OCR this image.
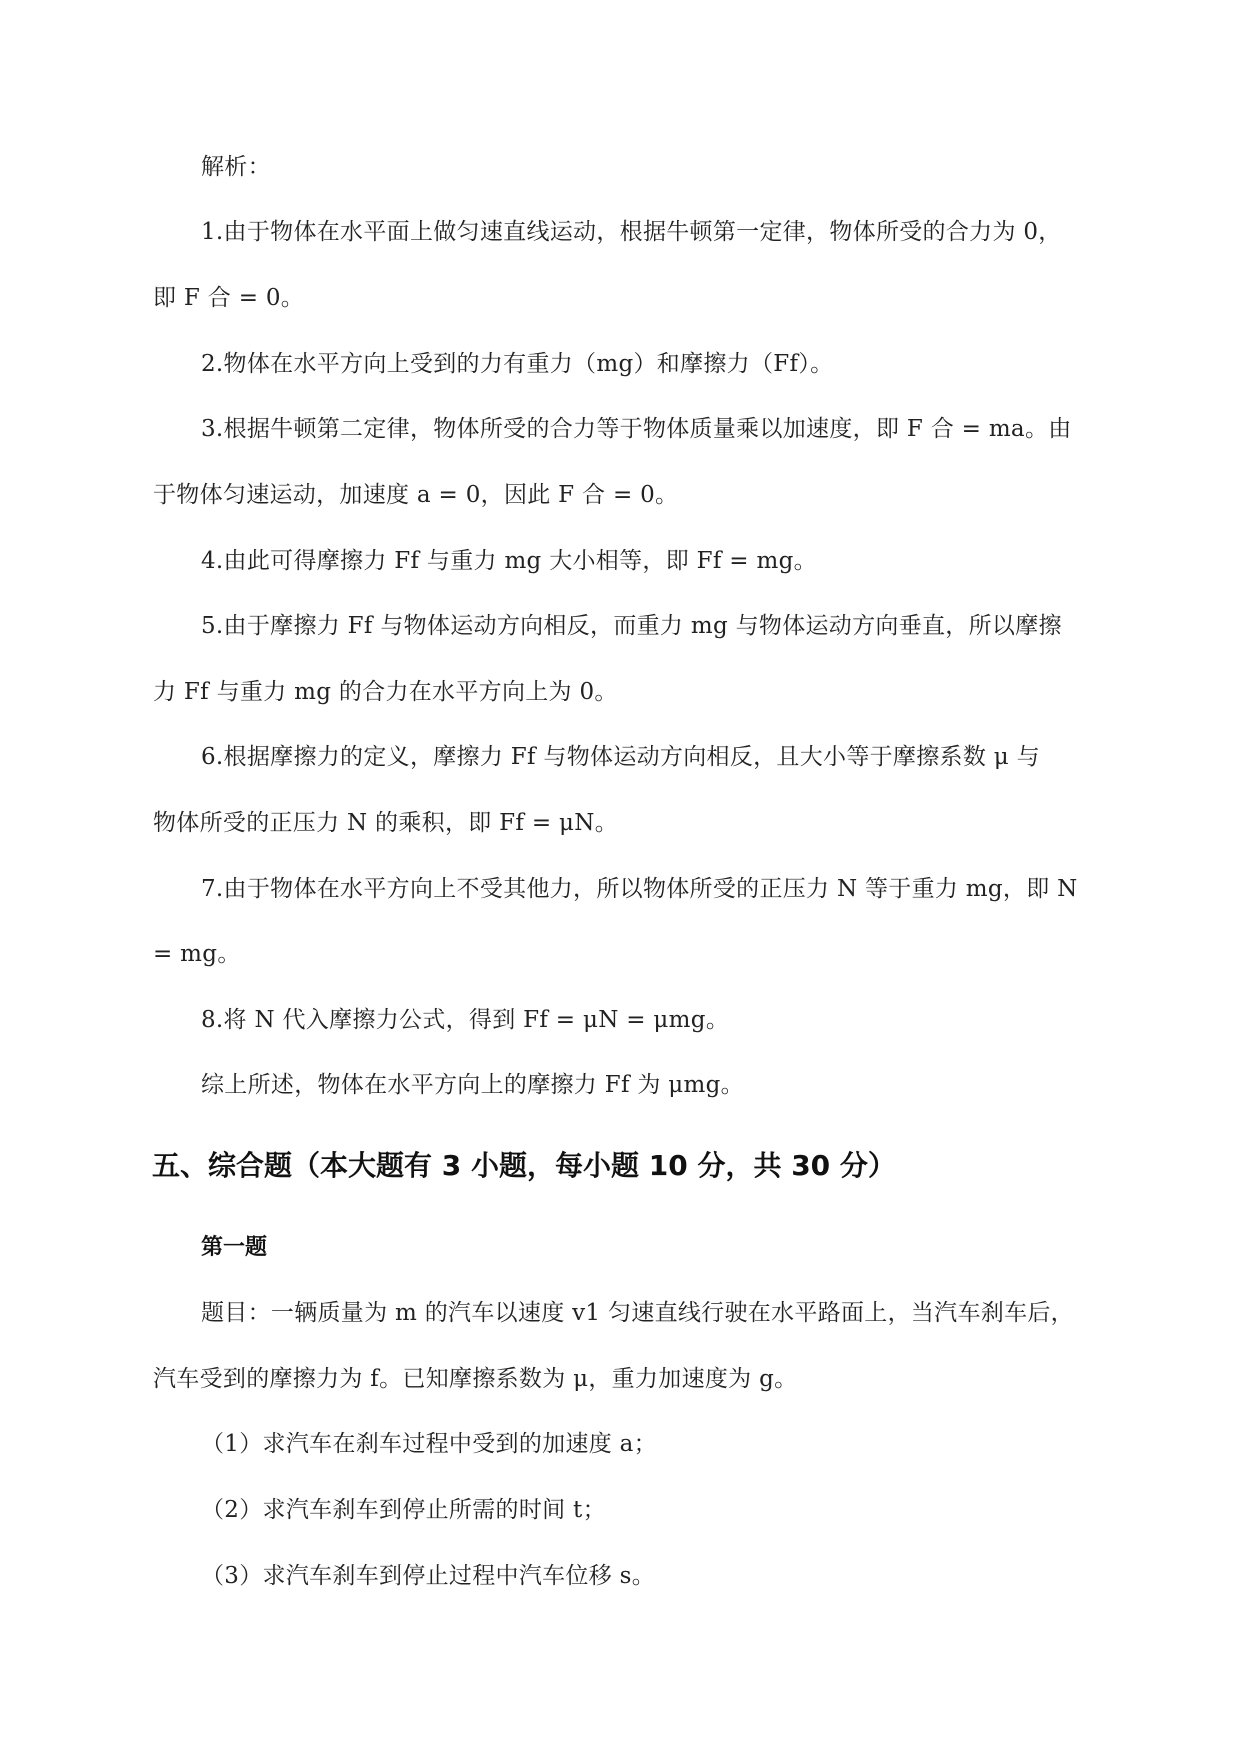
解析：
1.由于物体在水平面上做匀速直线运动，根据牛顿第一定律，物体所受的合力为 0，
即 F 合 = 0。
2.物体在水平方向上受到的力有重力（mg）和摩擦力（Ff）。
3.根据牛顿第二定律，物体所受的合力等于物体质量乘以加速度，即 F 合 = ma。由
于物体匀速运动，加速度 a = 0，因此 F 合 = 0。
4.由此可得摩擦力 Ff 与重力 mg 大小相等，即 Ff = mg。
5.由于摩擦力 Ff 与物体运动方向相反，而重力 mg 与物体运动方向垂直，所以摩擦
力 Ff 与重力 mg 的合力在水平方向上为 0。
6.根据摩擦力的定义，摩擦力 Ff 与物体运动方向相反，且大小等于摩擦系数 μ 与
物体所受的正压力 N 的乘积，即 Ff = μN。
7.由于物体在水平方向上不受其他力，所以物体所受的正压力 N 等于重力 mg，即 N
= mg。
8.将 N 代入摩擦力公式，得到 Ff = μN = μmg。
综上所述，物体在水平方向上的摩擦力 Ff 为 μmg。
五、综合题（本大题有 3 小题，每小题 10 分，共 30 分）
第一题
题目：一辆质量为 m 的汽车以速度 v1 匀速直线行驶在水平路面上，当汽车刹车后，
汽车受到的摩擦力为 f。已知摩擦系数为 μ，重力加速度为 g。
（1）求汽车在刹车过程中受到的加速度 a；
（2）求汽车刹车到停止所需的时间 t；
（3）求汽车刹车到停止过程中汽车位移 s。
